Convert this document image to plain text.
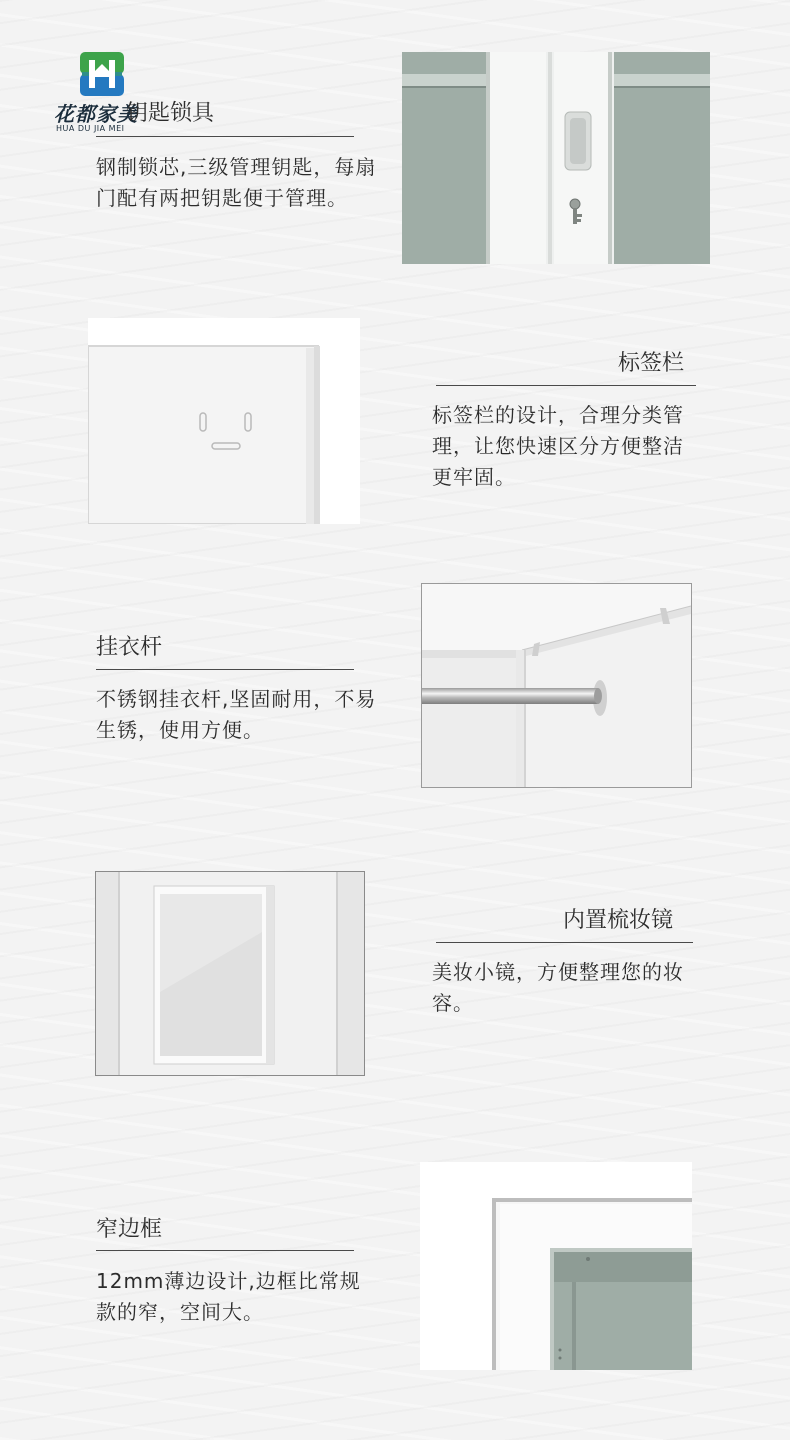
花都家美
HUA DU JIA MEI
钥匙锁具
钢制锁芯,三级管理钥匙，每扇门配有两把钥匙便于管理。
标签栏
标签栏的设计，合理分类管理，让您快速区分方便整洁更牢固。
挂衣杆
不锈钢挂衣杆,坚固耐用，不易生锈，使用方便。
内置梳妆镜
美妆小镜，方便整理您的妆容。
窄边框
12mm薄边设计,边框比常规款的窄，空间大。
